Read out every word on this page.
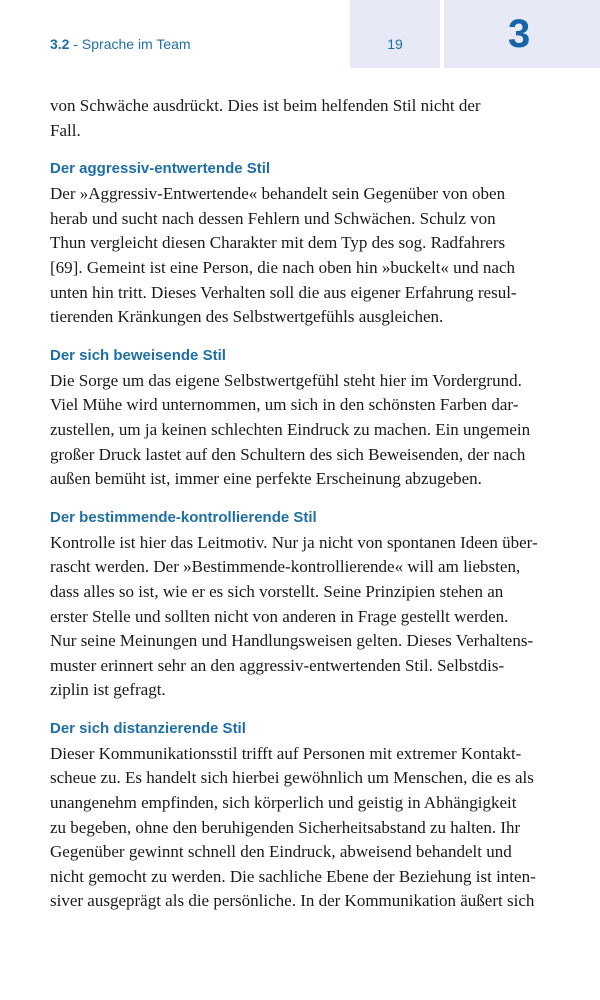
3.2 - Sprache im Team	19	3

von Schwäche ausdrückt. Dies ist beim helfenden Stil nicht der
Fall.

Der aggressiv-entwertende Stil

Der »Aggressiv-Entwertende« behandelt sein Gegenüber von oben
herab und sucht nach dessen Fehlern und Schwächen. Schulz von
Thun vergleicht diesen Charakter mit dem Typ des sog. Radfahrers
[69]. Gemeint ist eine Person, die nach oben hin »buckelt« und nach
unten hin tritt. Dieses Verhalten soll die aus eigener Erfahrung resul-
tierenden Kränkungen des Selbstwertgefühls ausgleichen.

Der sich beweisende Stil

Die Sorge um das eigene Selbstwertgefühl steht hier im Vordergrund.
Viel Mühe wird unternommen, um sich in den schönsten Farben dar-
zustellen, um ja keinen schlechten Eindruck zu machen. Ein ungemein
großer Druck lastet auf den Schultern des sich Beweisenden, der nach
außen bemüht ist, immer eine perfekte Erscheinung abzugeben.

Der bestimmende-kontrollierende Stil

Kontrolle ist hier das Leitmotiv. Nur ja nicht von spontanen Ideen über-
rascht werden. Der »Bestimmende-kontrollierende« will am liebsten,
dass alles so ist, wie er es sich vorstellt. Seine Prinzipien stehen an
erster Stelle und sollten nicht von anderen in Frage gestellt werden.
Nur seine Meinungen und Handlungsweisen gelten. Dieses Verhaltens-
muster erinnert sehr an den aggressiv-entwertenden Stil. Selbstdis-
ziplin ist gefragt.

Der sich distanzierende Stil

Dieser Kommunikationsstil trifft auf Personen mit extremer Kontakt-
scheue zu. Es handelt sich hierbei gewöhnlich um Menschen, die es als
unangenehm empfinden, sich körperlich und geistig in Abhängigkeit
zu begeben, ohne den beruhigenden Sicherheitsabstand zu halten. Ihr
Gegenüber gewinnt schnell den Eindruck, abweisend behandelt und
nicht gemocht zu werden. Die sachliche Ebene der Beziehung ist inten-
siver ausgeprägt als die persönliche. In der Kommunikation äußert sich
